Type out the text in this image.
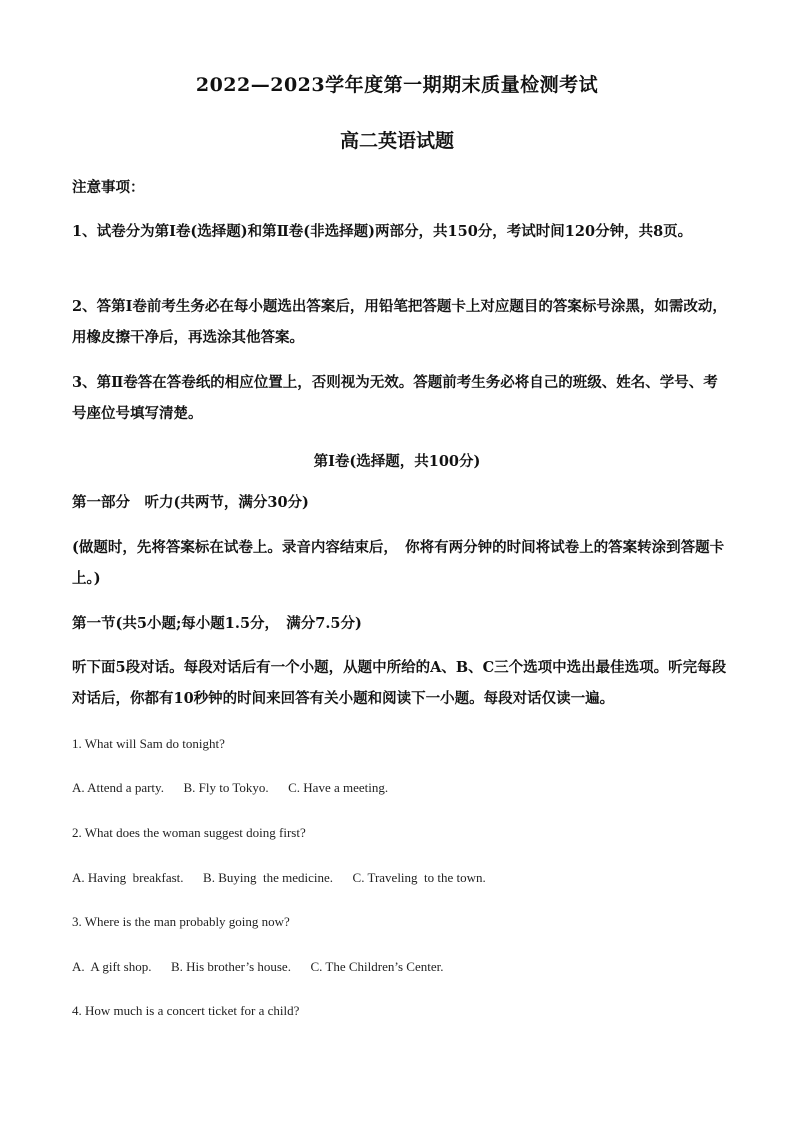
2022—2023学年度第一期期末质量检测考试
高二英语试题
注意事项：
1、试卷分为第Ⅰ卷(选择题)和第Ⅱ卷(非选择题)两部分，共150分，考试时间120分钟，共8页。
2、答第Ⅰ卷前考生务必在每小题选出答案后，用铅笔把答题卡上对应题目的答案标号涂黑，如需改动，用橡皮擦干净后，再选涂其他答案。
3、第Ⅱ卷答在答卷纸的相应位置上，否则视为无效。答题前考生务必将自己的班级、姓名、学号、考号座位号填写清楚。
第Ⅰ卷(选择题，共100分)
第一部分　听力(共两节，满分30分)
(做题时，先将答案标在试卷上。录音内容结束后，　你将有两分钟的时间将试卷上的答案转涂到答题卡上。)
第一节(共5小题;每小题1.5分，　满分7.5分)
听下面5段对话。每段对话后有一个小题，从题中所给的A、B、C三个选项中选出最佳选项。听完每段对话后，你都有10秒钟的时间来回答有关小题和阅读下一小题。每段对话仅读一遍。
1. What will Sam do tonight?
A. Attend a party.      B. Fly to Tokyo.      C. Have a meeting.
2. What does the woman suggest doing first?
A. Having  breakfast.      B. Buying  the medicine.      C. Traveling  to the town.
3. Where is the man probably going now?
A.  A gift shop.      B. His brother’s house.      C. The Children’s Center.
4. How much is a concert ticket for a child?
